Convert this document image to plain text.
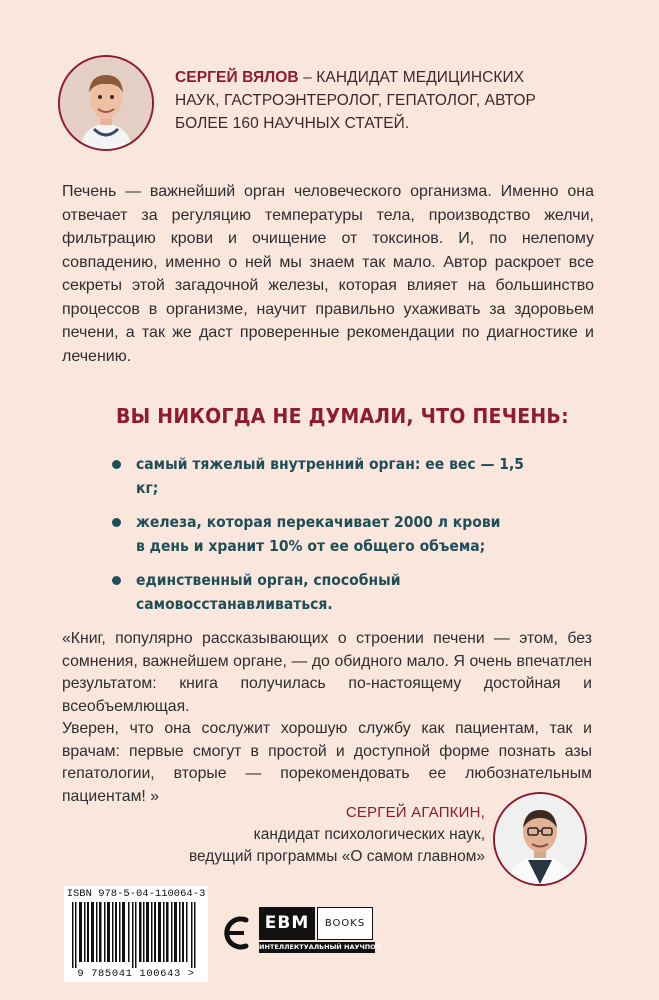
СЕРГЕЙ ВЯЛОВ – КАНДИДАТ МЕДИЦИНСКИХ НАУК, ГАСТРОЭНТЕРОЛОГ, ГЕПАТОЛОГ, АВТОР БОЛЕЕ 160 НАУЧНЫХ СТАТЕЙ.
Печень — важнейший орган человеческого организма. Именно она отвечает за регуляцию температуры тела, производство желчи, фильтрацию крови и очищение от токсинов. И, по нелепому совпадению, именно о ней мы знаем так мало. Автор раскроет все секреты этой загадочной железы, которая влияет на большинство процессов в организме, научит правильно ухаживать за здоровьем печени, а так же даст проверенные рекомендации по диагностике и лечению.
ВЫ НИКОГДА НЕ ДУМАЛИ, ЧТО ПЕЧЕНЬ:
самый тяжелый внутренний орган: ее вес — 1,5 кг;
железа, которая перекачивает 2000 л крови
в день и хранит 10% от ее общего объема;
единственный орган, способный
самовосстанавливаться.

«Книг, популярно рассказывающих о строении печени — этом, без сомнения, важнейшем органе, — до обидного мало. Я очень впечатлен результатом: книга получилась по-настоящему достойная и всеобъемлющая.

Уверен, что она сослужит хорошую службу как пациентам, так и врачам: первые смогут в простой и доступной форме познать азы гепатологии, вторые — порекомендовать ее любознательным пациентам! »

СЕРГЕЙ АГАПКИН,
кандидат психологических наук,
ведущий программы «О самом главном»
ISBN 978-5-04-110064-3
9 785041 100643 >
EBM	BOOKS
ИНТЕЛЛЕКТУАЛЬНЫЙ НАУЧПОП
